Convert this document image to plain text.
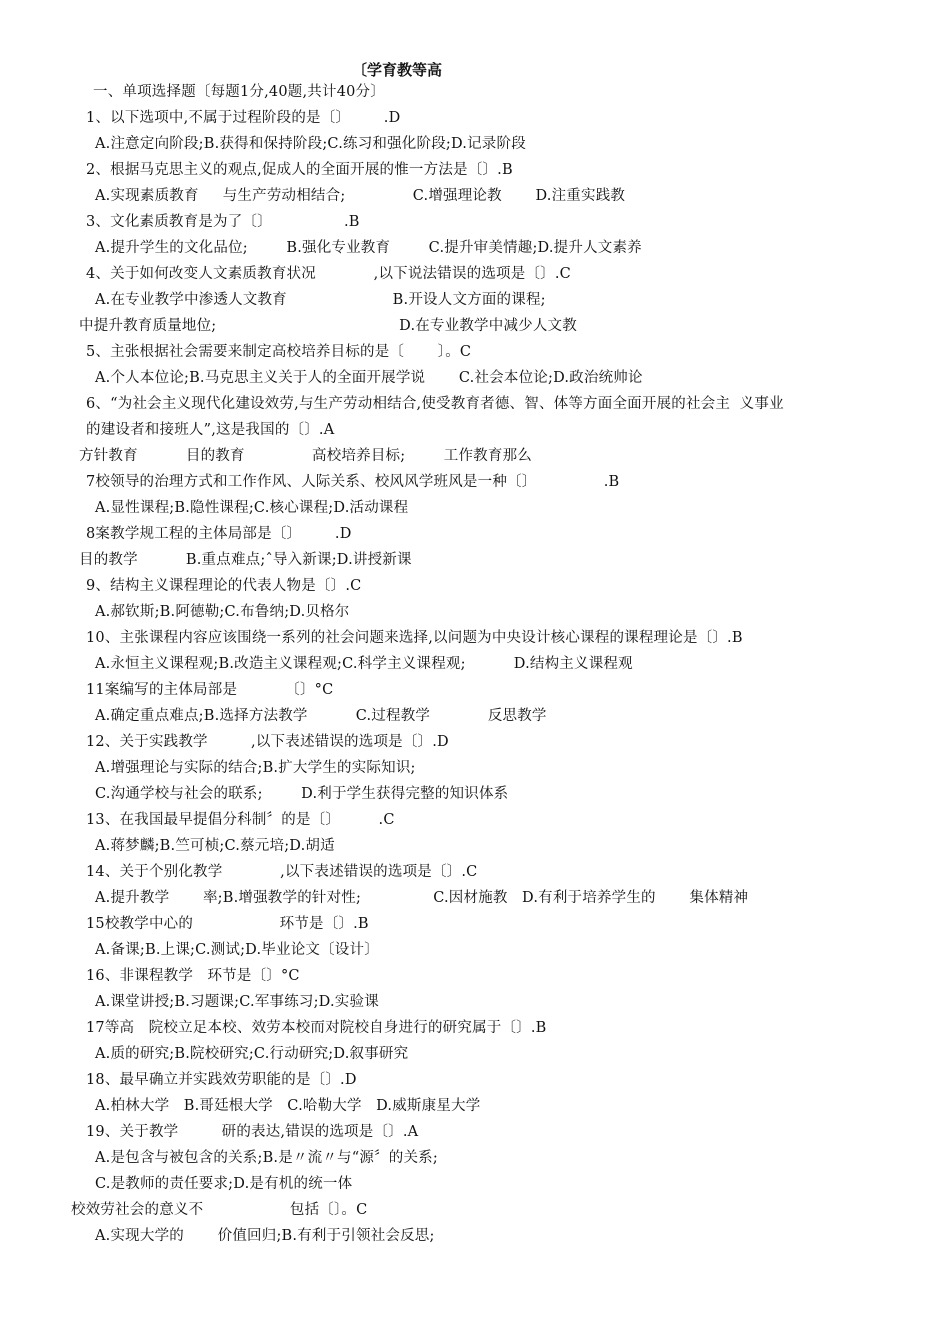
〔学育教等高
一、单项选择题〔每题1分,40题,共计40分〕
1、以下选项中,不属于过程阶段的是〔〕       .D
A.注意定向阶段;B.获得和保持阶段;C.练习和强化阶段;D.记录阶段
2、根据马克思主义的观点,促成人的全面开展的惟一方法是〔〕.B
A.实现素质教育     与生产劳动相结合;              C.增强理论教       D.注重实践教
3、文化素质教育是为了〔〕               .B
A.提升学生的文化品位;        B.强化专业教育        C.提升审美情趣;D.提升人文素养
4、关于如何改变人文素质教育状况            ,以下说法错误的选项是〔〕.C
A.在专业教学中渗透人文教育                      B.开设人文方面的课程;
中提升教育质量地位;                                      D.在专业教学中减少人文教
5、主张根据社会需要来制定高校培养目标的是〔       〕。C
A.个人本位论;B.马克思主义关于人的全面开展学说       C.社会本位论;D.政治统帅论
6、“为社会主义现代化建设效劳,与生产劳动相结合,使受教育者德、智、体等方面全面开展的社会主  义事业
的建设者和接班人”,这是我国的〔〕.A
方针教育          目的教育              高校培养目标;        工作教育那么
7校领导的治理方式和工作作风、人际关系、校风风学班风是一种〔〕              .B
A.显性课程;B.隐性课程;C.核心课程;D.活动课程
8案教学规工程的主体局部是〔〕       .D
目的教学          B.重点难点;ˆ导入新课;D.讲授新课
9、结构主义课程理论的代表人物是〔〕.C
A.郝钦斯;B.阿德勒;C.布鲁纳;D.贝格尔
10、主张课程内容应该围绕一系列的社会问题来选择,以问题为中央设计核心课程的课程理论是〔〕.B
A.永恒主义课程观;B.改造主义课程观;C.科学主义课程观;          D.结构主义课程观
11案编写的主体局部是          〔〕°C
A.确定重点难点;B.选择方法教学          C.过程教学            反思教学
12、关于实践教学         ,以下表述错误的选项是〔〕.D
A.增强理论与实际的结合;B.扩大学生的实际知识;
C.沟通学校与社会的联系;        D.利于学生获得完整的知识体系
13、在我国最早提倡分科制〞的是〔〕        .C
A.蒋梦麟;B.竺可桢;C.蔡元培;D.胡适
14、关于个别化教学            ,以下表述错误的选项是〔〕.C
A.提升教学       率;B.增强教学的针对性;               C.因材施教   D.有利于培养学生的       集体精神
15校教学中心的                  环节是〔〕.B
A.备课;B.上课;C.测试;D.毕业论文〔设计〕
16、非课程教学   环节是〔〕°C
A.课堂讲授;B.习题课;C.军事练习;D.实验课
17等高   院校立足本校、效劳本校而对院校自身进行的研究属于〔〕.B
A.质的研究;B.院校研究;C.行动研究;D.叙事研究
18、最早确立并实践效劳职能的是〔〕.D
A.柏林大学   B.哥廷根大学   C.哈勒大学   D.威斯康星大学
19、关于教学         研的表达,错误的选项是〔〕.A
A.是包含与被包含的关系;B.是〃流〃与“源〞的关系;
C.是教师的责任要求;D.是有机的统一体
校效劳社会的意义不                  包括〔〕。C
A.实现大学的       价值回归;B.有利于引领社会反思;
